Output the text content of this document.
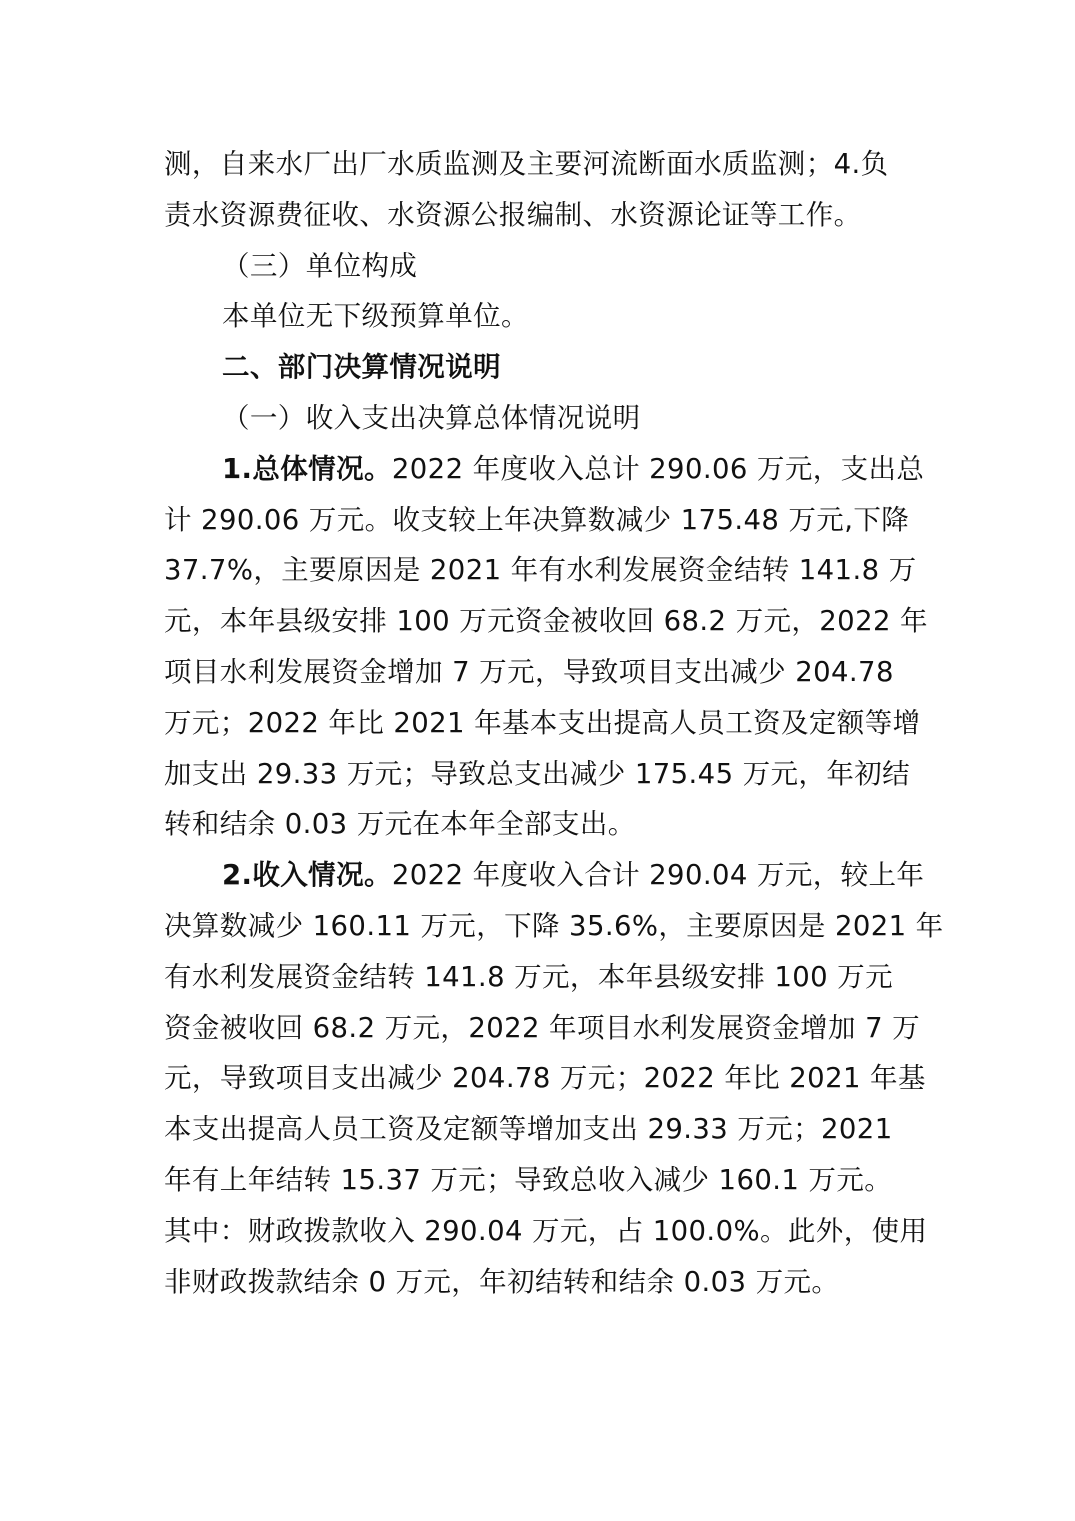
测，自来水厂出厂水质监测及主要河流断面水质监测；4.负
责水资源费征收、水资源公报编制、水资源论证等工作。
（三）单位构成
本单位无下级预算单位。
二、部门决算情况说明
（一）收入支出决算总体情况说明
1.总体情况。2022 年度收入总计 290.06 万元，支出总
计 290.06 万元。收支较上年决算数减少 175.48 万元,下降
37.7%，主要原因是 2021 年有水利发展资金结转 141.8 万
元，本年县级安排 100 万元资金被收回 68.2 万元，2022 年
项目水利发展资金增加 7 万元，导致项目支出减少 204.78
万元；2022 年比 2021 年基本支出提高人员工资及定额等增
加支出 29.33 万元；导致总支出减少 175.45 万元，年初结
转和结余 0.03 万元在本年全部支出。
2.收入情况。2022 年度收入合计 290.04 万元，较上年
决算数减少 160.11 万元，下降 35.6%，主要原因是 2021 年
有水利发展资金结转 141.8 万元，本年县级安排 100 万元
资金被收回 68.2 万元，2022 年项目水利发展资金增加 7 万
元，导致项目支出减少 204.78 万元；2022 年比 2021 年基
本支出提高人员工资及定额等增加支出 29.33 万元；2021
年有上年结转 15.37 万元；导致总收入减少 160.1 万元。
其中：财政拨款收入 290.04 万元，占 100.0%。此外，使用
非财政拨款结余 0 万元，年初结转和结余 0.03 万元。
